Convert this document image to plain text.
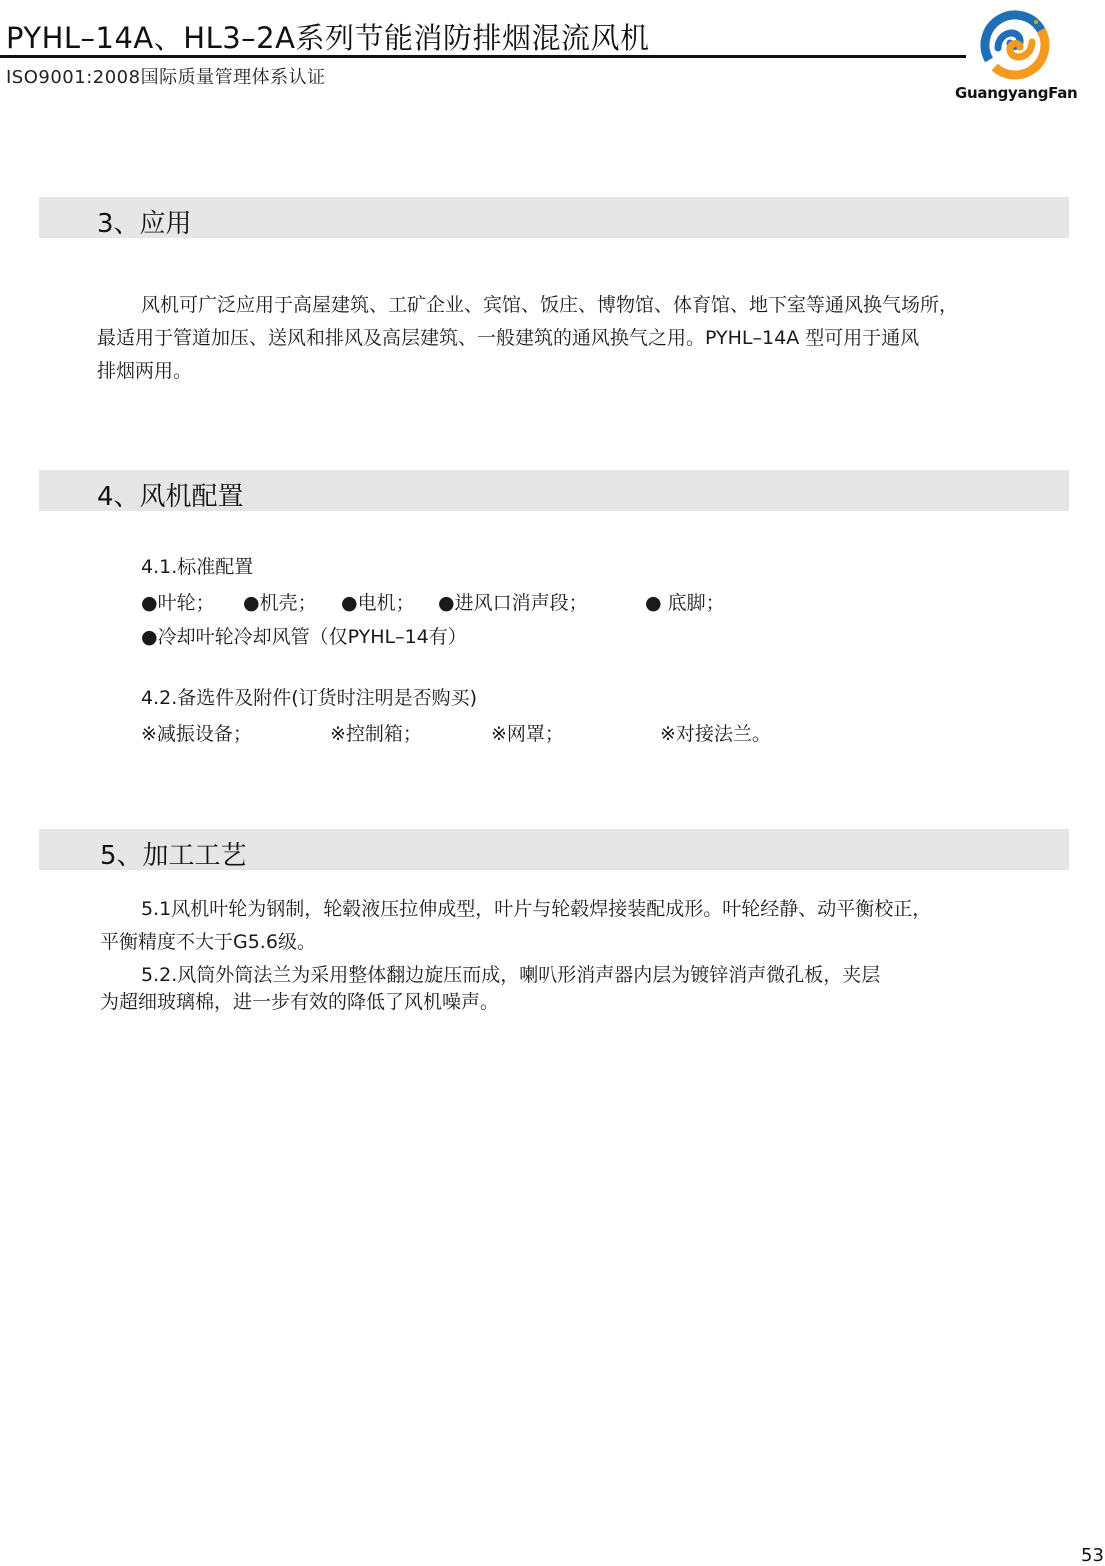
PYHL–14A、HL3–2A系列节能消防排烟混流风机
ISO9001:2008国际质量管理体系认证
GuangyangFan
3、应用
风机可广泛应用于高屋建筑、工矿企业、宾馆、饭庄、博物馆、体育馆、地下室等通风换气场所，
最适用于管道加压、送风和排风及高层建筑、一般建筑的通风换气之用。PYHL–14A 型可用于通风
排烟两用。
4、风机配置
4.1.标准配置
●叶轮； ●机壳； ●电机； ●进风口消声段；	● 底脚；
●冷却叶轮冷却风管（仅PYHL–14有）
4.2.备选件及附件(订货时注明是否购买)
※减振设备；	※控制箱；	※网罩；	※对接法兰。
5、加工工艺
5.1风机叶轮为钢制，轮毂液压拉伸成型，叶片与轮毂焊接装配成形。叶轮经静、动平衡校正，
平衡精度不大于G5.6级。
5.2.风筒外筒法兰为采用整体翻边旋压而成，喇叭形消声器内层为镀锌消声微孔板，夹层
为超细玻璃棉，进一步有效的降低了风机噪声。
53
